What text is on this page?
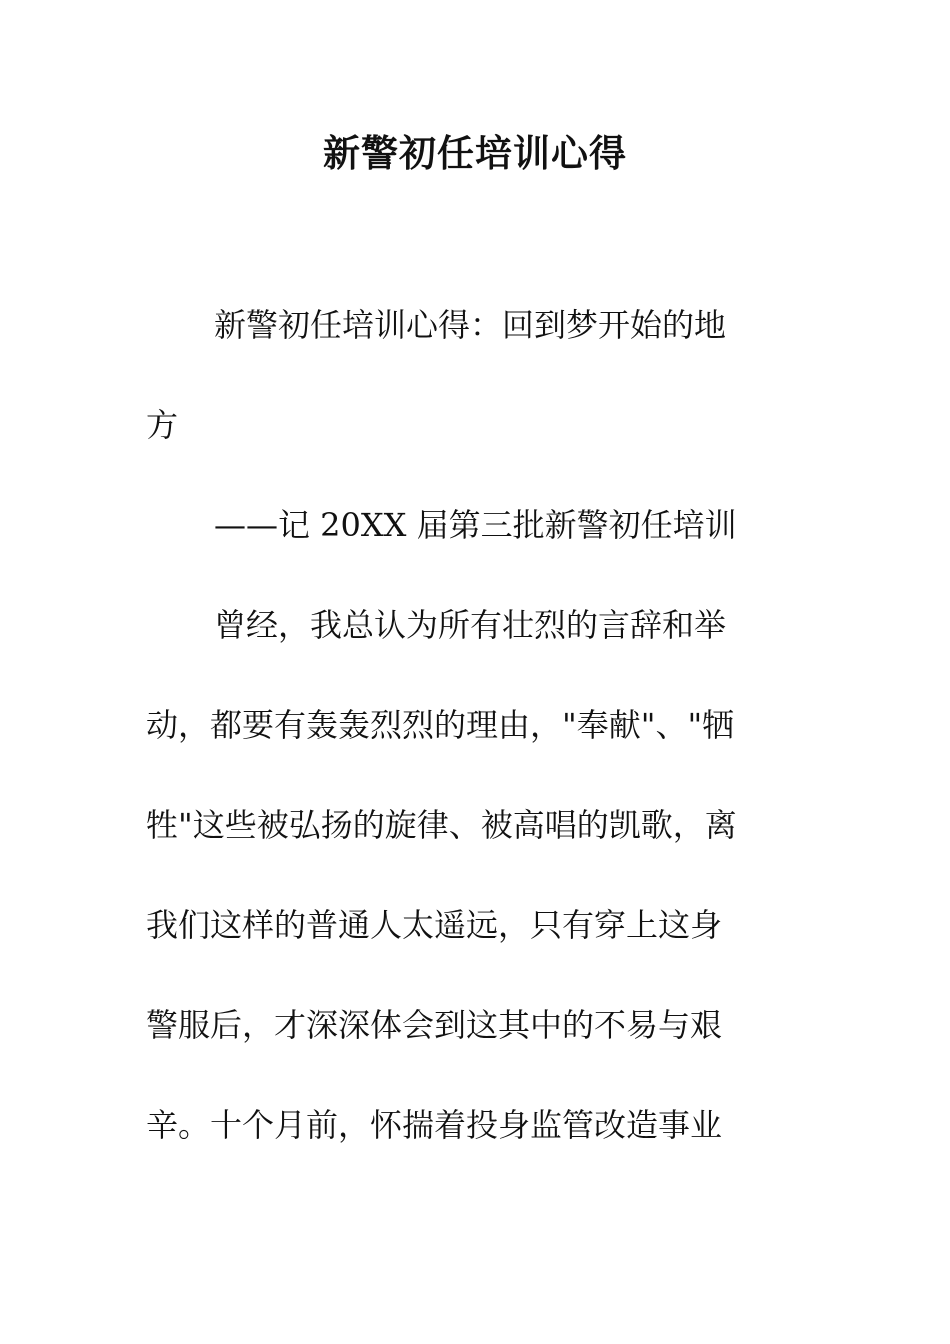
新警初任培训心得
新警初任培训心得：回到梦开始的地
方
——记 20XX 届第三批新警初任培训
曾经，我总认为所有壮烈的言辞和举
动，都要有轰轰烈烈的理由，"奉献"、"牺
牲"这些被弘扬的旋律、被高唱的凯歌，离
我们这样的普通人太遥远，只有穿上这身
警服后，才深深体会到这其中的不易与艰
辛。十个月前，怀揣着投身监管改造事业
